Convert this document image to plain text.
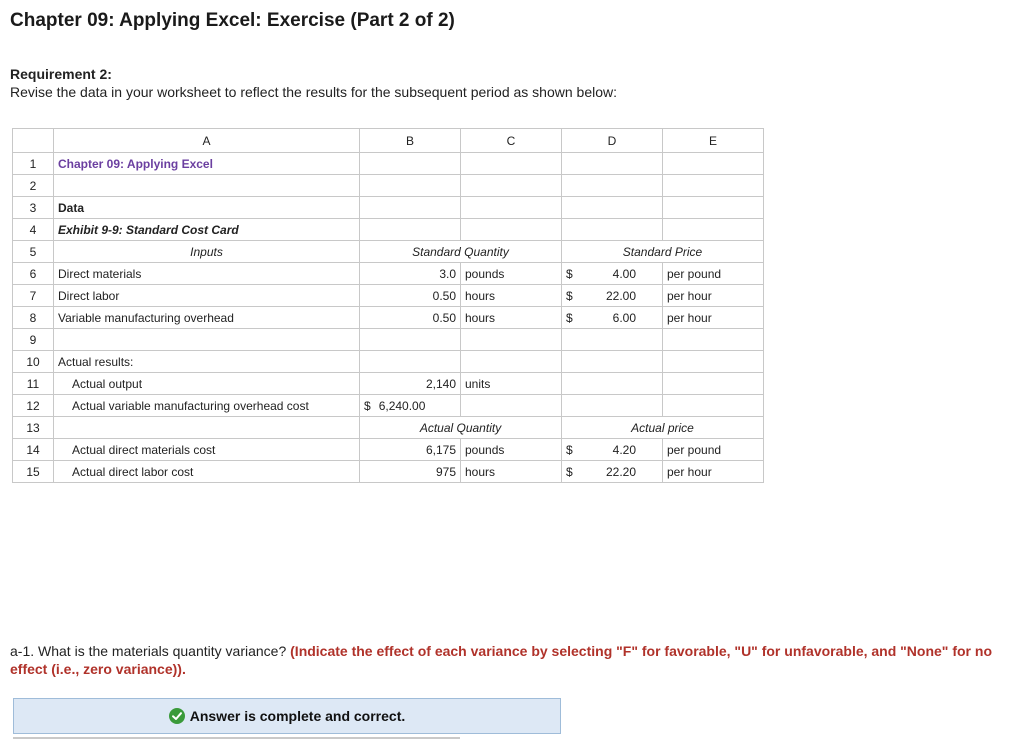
Chapter 09: Applying Excel: Exercise (Part 2 of 2)

Requirement 2:

Revise the data in your worksheet to reflect the results for the subsequent period as shown below:

	A	B	C	D	E
1	Chapter 09: Applying Excel				
2					
3	Data				
4	Exhibit 9-9: Standard Cost Card				
5	Inputs	Standard Quantity		Standard Price	
6	Direct materials	3.0	pounds	$ 4.00	per pound
7	Direct labor	0.50	hours	$ 22.00	per hour
8	Variable manufacturing overhead	0.50	hours	$ 6.00	per hour
9					
10	Actual results:				
11	Actual output	2,140	units		
12	Actual variable manufacturing overhead cost	$ 6,240.00			
13		Actual Quantity		Actual price	
14	Actual direct materials cost	6,175	pounds	$ 4.20	per pound
15	Actual direct labor cost	975	hours	$ 22.20	per hour

a-1. What is the materials quantity variance? (Indicate the effect of each variance by selecting "F" for favorable, "U" for unfavorable, and "None" for no effect (i.e., zero variance)).

Answer is complete and correct.
